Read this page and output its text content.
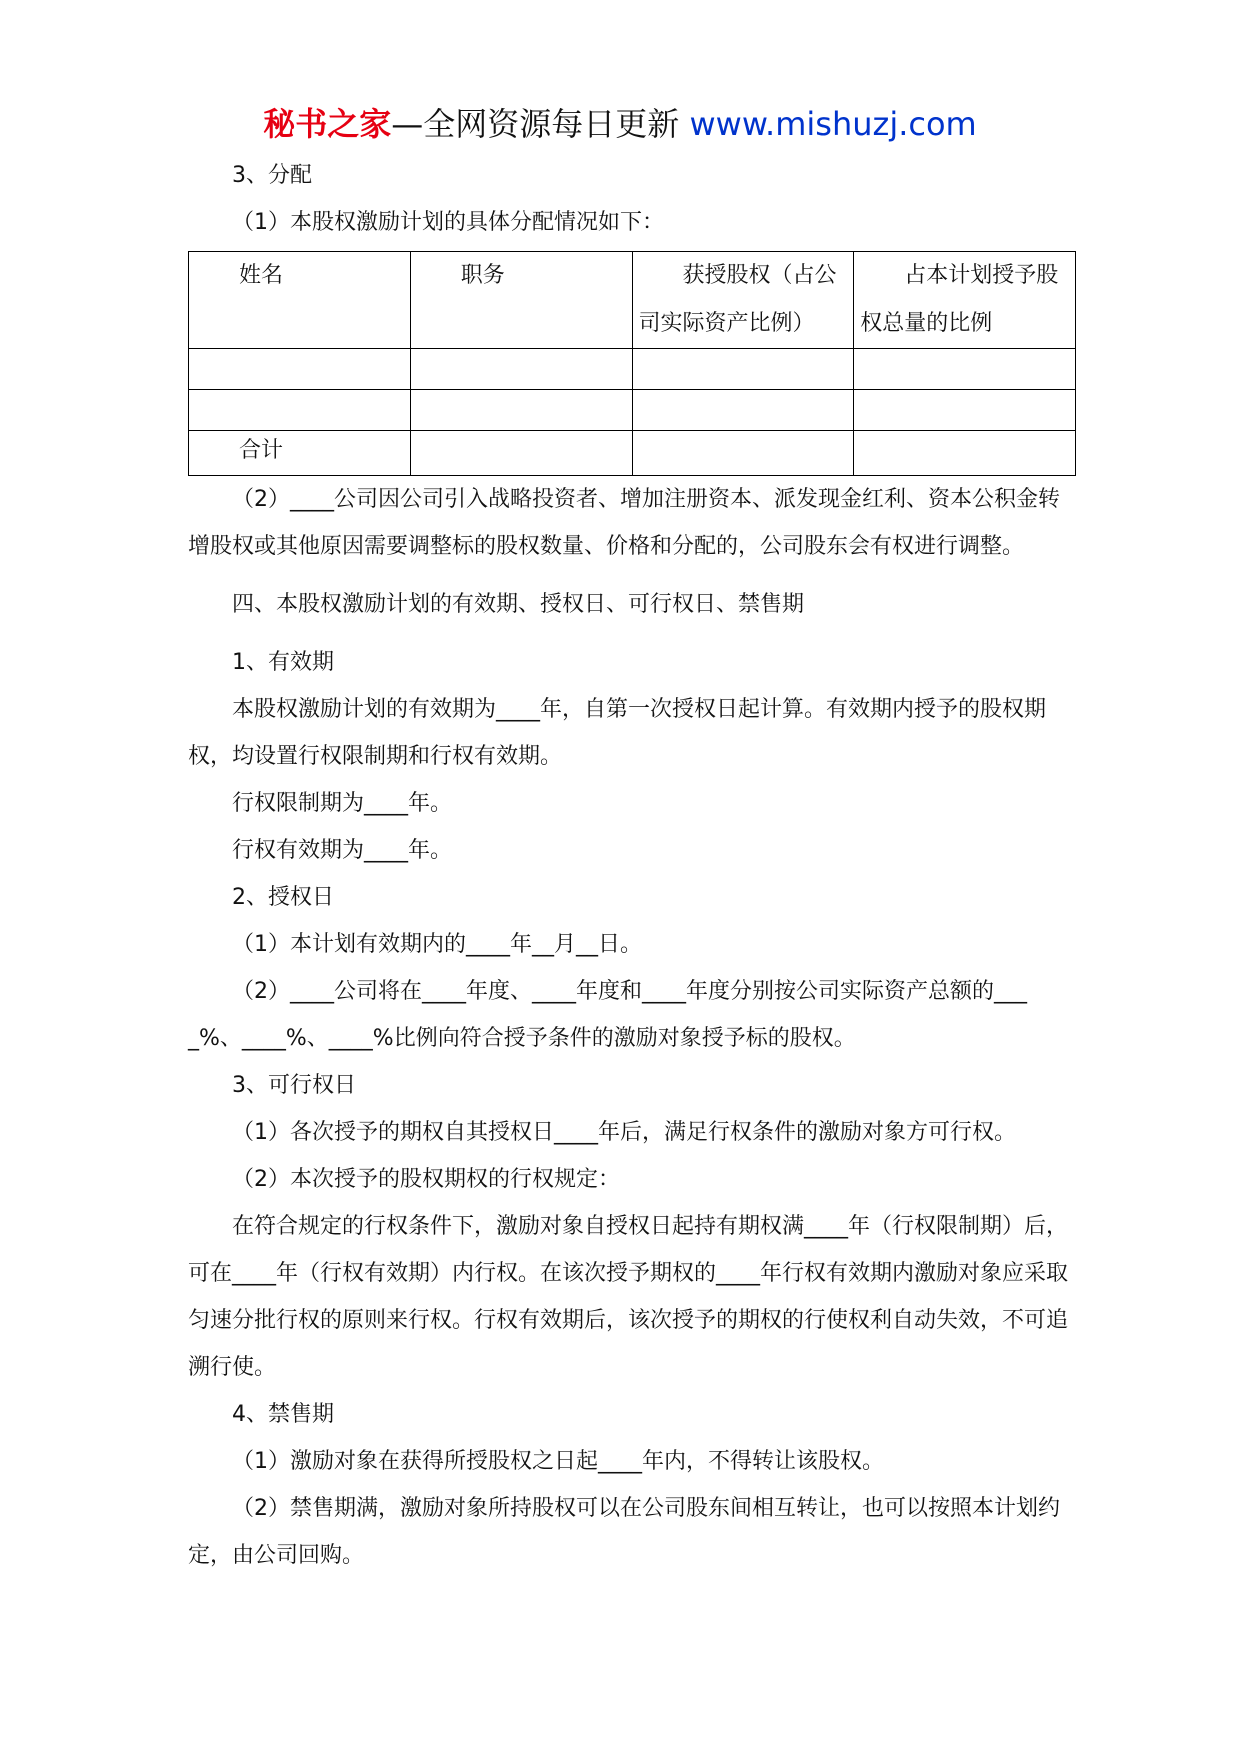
秘书之家—全网资源每日更新 www.mishuzj.com

3、分配

（1）本股权激励计划的具体分配情况如下：

姓名	职务	获授股权（占公司实际资产比例）	占本计划授予股权总量的比例

合计			

（2）____公司因公司引入战略投资者、增加注册资本、派发现金红利、资本公积金转增股权或其他原因需要调整标的股权数量、价格和分配的，公司股东会有权进行调整。

四、本股权激励计划的有效期、授权日、可行权日、禁售期

1、有效期

本股权激励计划的有效期为____年，自第一次授权日起计算。有效期内授予的股权期权，均设置行权限制期和行权有效期。

行权限制期为____年。

行权有效期为____年。

2、授权日

（1）本计划有效期内的____年__月__日。

（2）____公司将在____年度、____年度和____年度分别按公司实际资产总额的____%、____%、____%比例向符合授予条件的激励对象授予标的股权。

3、可行权日

（1）各次授予的期权自其授权日____年后，满足行权条件的激励对象方可行权。

（2）本次授予的股权期权的行权规定：

在符合规定的行权条件下，激励对象自授权日起持有期权满____年（行权限制期）后，可在____年（行权有效期）内行权。在该次授予期权的____年行权有效期内激励对象应采取匀速分批行权的原则来行权。行权有效期后，该次授予的期权的行使权利自动失效，不可追溯行使。

4、禁售期

（1）激励对象在获得所授股权之日起____年内，不得转让该股权。

（2）禁售期满，激励对象所持股权可以在公司股东间相互转让，也可以按照本计划约定，由公司回购。
